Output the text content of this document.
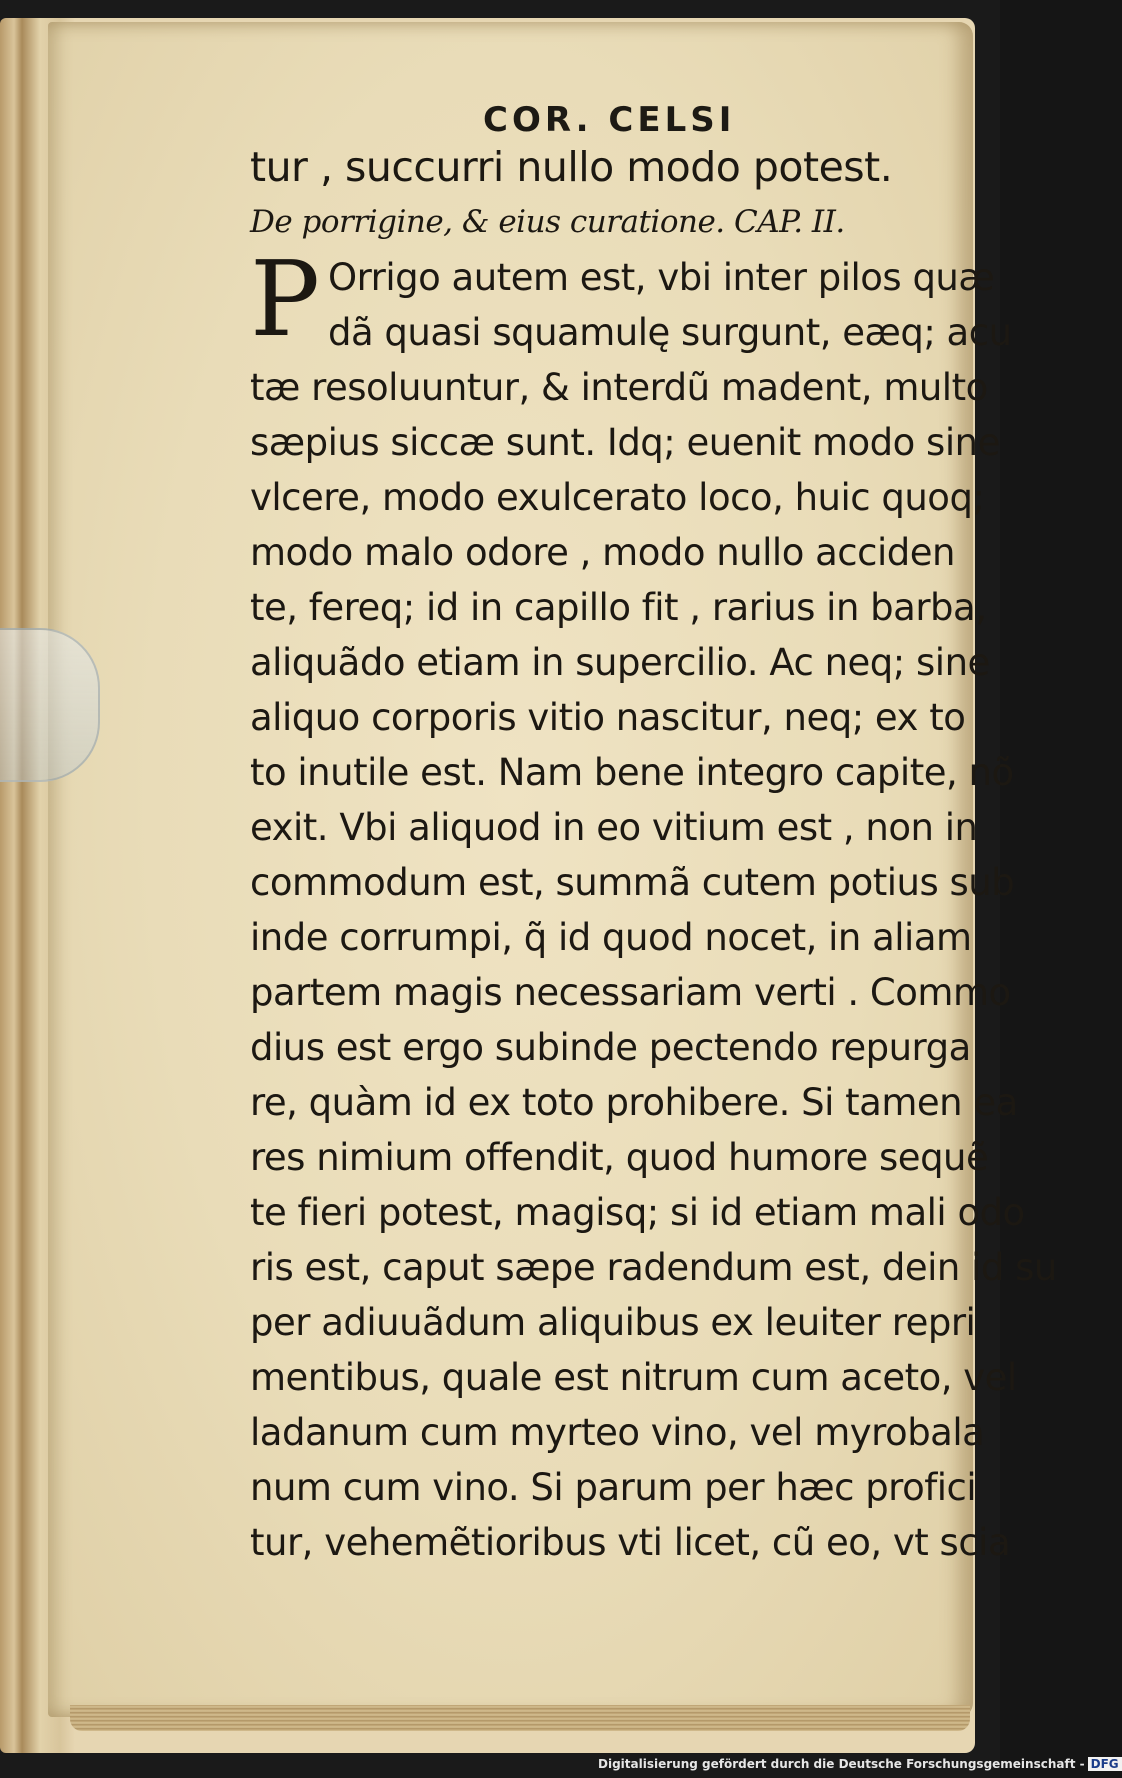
COR. CELSI
P
tur , succurri nullo modo potest.
De porrigine, & eius curatione. CAP. II.
Orrigo autem est, vbi inter pilos quæ
dã quasi squamulę surgunt, eæq; acu
tæ resoluuntur, & interdũ madent, multo
sæpius siccæ sunt. Idq; euenit modo sine
vlcere, modo exulcerato loco, huic quoq;
modo malo odore , modo nullo acciden
te, fereq; id in capillo fit , rarius in barba,
aliquãdo etiam in supercilio. Ac neq; sine
aliquo corporis vitio nascitur, neq; ex to
to inutile est. Nam bene integro capite, nõ
exit. Vbi aliquod in eo vitium est , non in
commodum est, summã cutem potius sub
inde corrumpi, q̃ id quod nocet, in aliam
partem magis necessariam verti . Commo
dius est ergo subinde pectendo repurga
re, quàm id ex toto prohibere. Si tamen ea
res nimium offendit, quod humore sequẽ
te fieri potest, magisq; si id etiam mali odo
ris est, caput sæpe radendum est, dein id su
per adiuuãdum aliquibus ex leuiter repri
mentibus, quale est nitrum cum aceto, vel
ladanum cum myrteo vino, vel myrobala
num cum vino. Si parum per hæc profici
tur, vehemẽtioribus vti licet, cũ eo, vt scia
Digitalisierung gefördert durch die Deutsche Forschungsgemeinschaft - DFG
